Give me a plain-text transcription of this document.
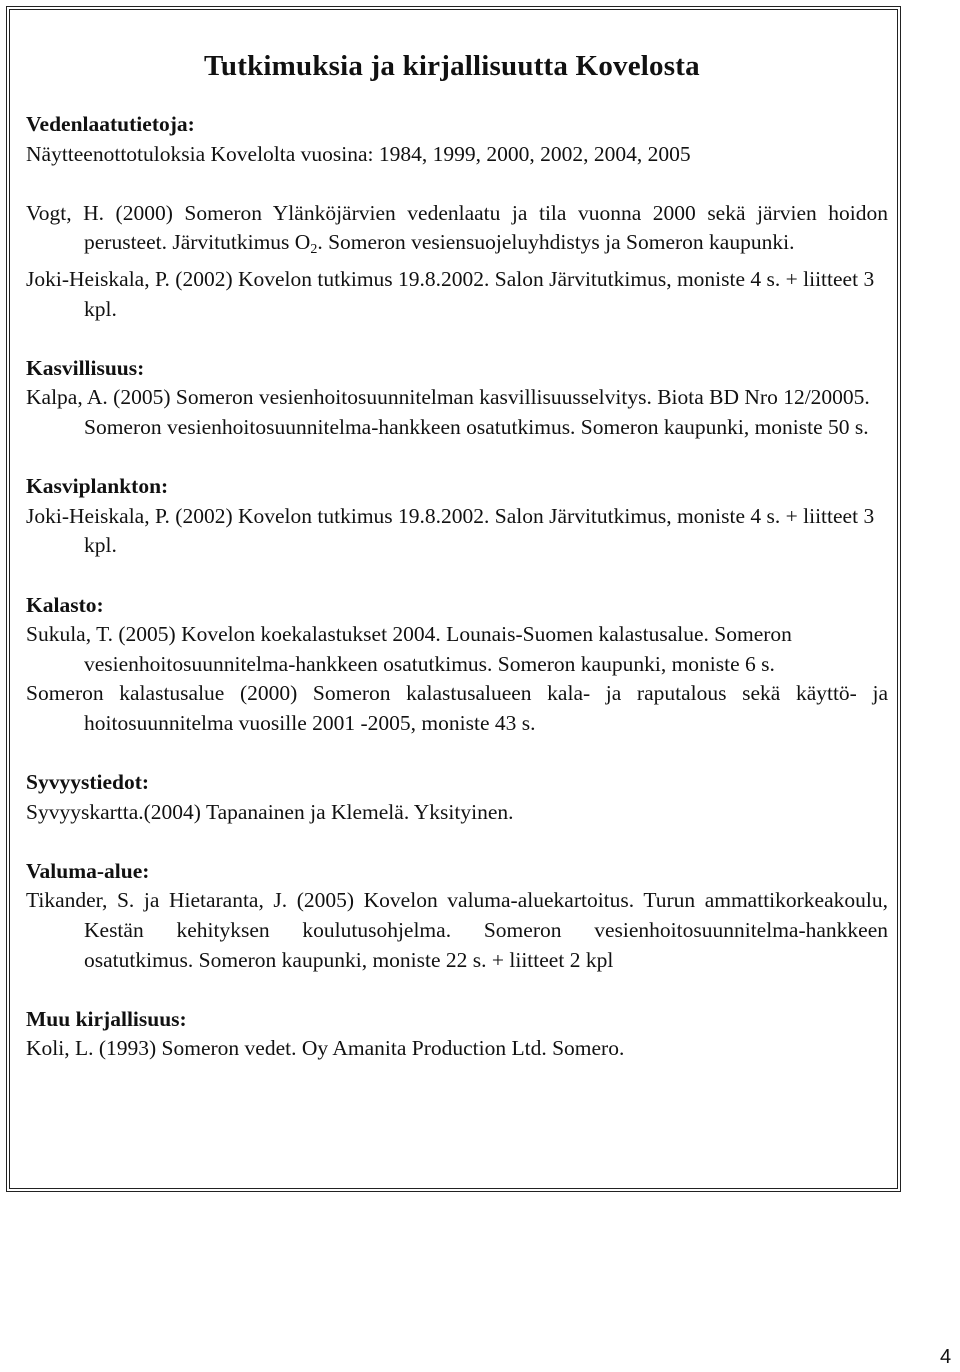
Tutkimuksia ja kirjallisuutta Kovelosta
Vedenlaatutietoja:
Näytteenottotuloksia Kovelolta vuosina: 1984, 1999, 2000, 2002, 2004, 2005
Vogt, H. (2000) Someron Ylänköjärvien vedenlaatu ja tila vuonna 2000 sekä järvien hoidon perusteet. Järvitutkimus $O_2$. Someron vesiensuojeluyhdistys ja Someron kaupunki.
Joki-Heiskala, P. (2002) Kovelon tutkimus 19.8.2002. Salon Järvitutkimus, moniste 4 s. + liitteet 3 kpl.
Kasvillisuus:
Kalpa, A. (2005) Someron vesienhoitosuunnitelman kasvillisuusselvitys. Biota BD Nro 12/20005. Someron vesienhoitosuunnitelma-hankkeen osatutkimus. Someron kaupunki, moniste 50 s.
Kasviplankton:
Joki-Heiskala, P. (2002) Kovelon tutkimus 19.8.2002. Salon Järvitutkimus, moniste 4 s. + liitteet 3 kpl.
Kalasto:
Sukula, T. (2005) Kovelon koekalastukset 2004. Lounais-Suomen kalastusalue. Someron vesienhoitosuunnitelma-hankkeen osatutkimus. Someron kaupunki, moniste 6 s.
Someron kalastusalue (2000) Someron kalastusalueen kala- ja raputalous sekä käyttö- ja hoitosuunnitelma vuosille 2001 -2005, moniste 43 s.
Syvyystiedot:
Syvyyskartta.(2004) Tapanainen ja Klemelä. Yksityinen.
Valuma-alue:
Tikander, S. ja Hietaranta, J. (2005) Kovelon valuma-aluekartoitus. Turun ammattikorkeakoulu, Kestän kehityksen koulutusohjelma. Someron vesienhoitosuunnitelma-hankkeen osatutkimus. Someron kaupunki, moniste 22 s. + liitteet 2 kpl
Muu kirjallisuus:
Koli, L. (1993) Someron vedet. Oy Amanita Production Ltd. Somero.
4
